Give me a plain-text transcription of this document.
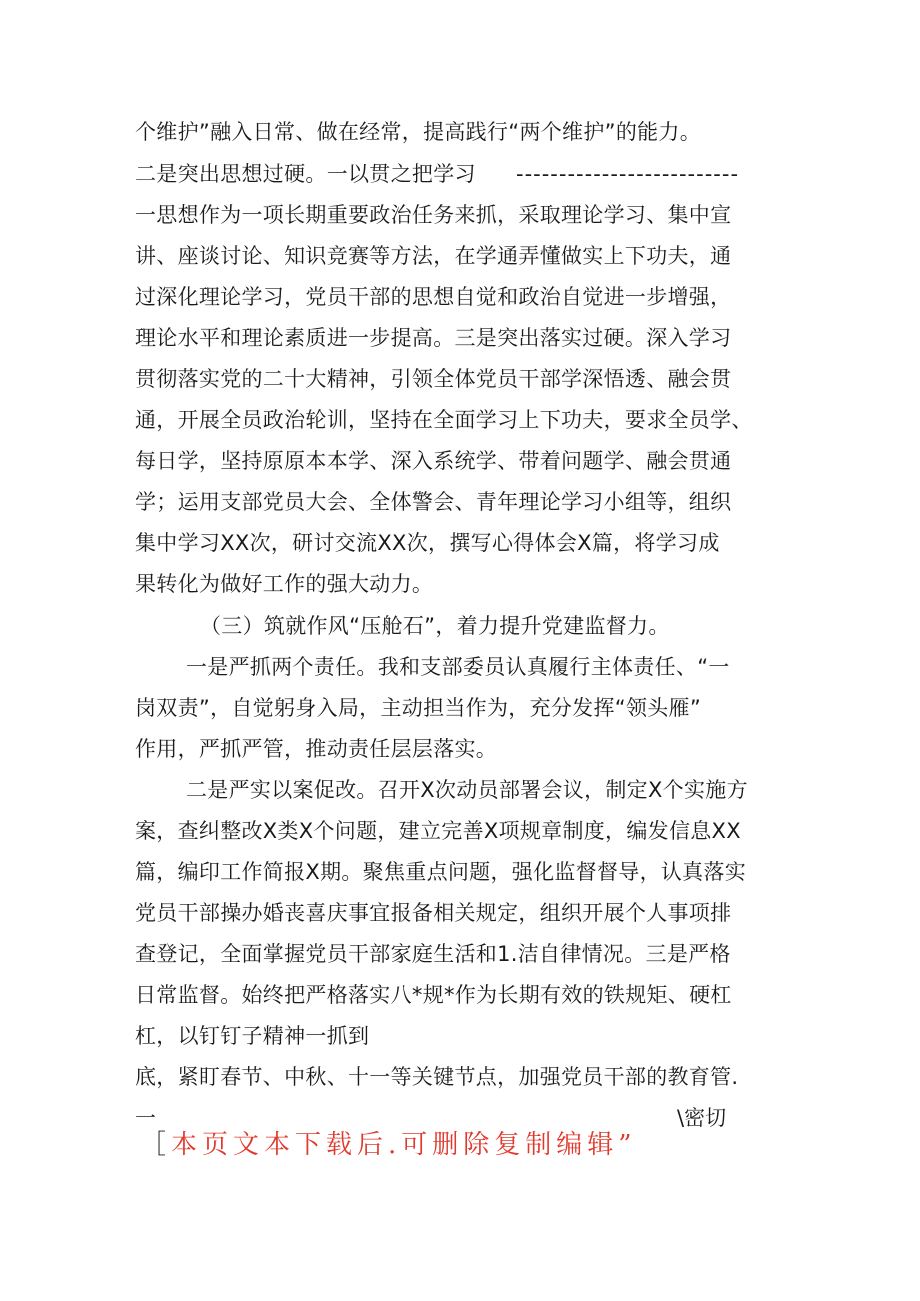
个维护”融入日常、做在经常，提高践行“两个维护”的能力。
二是突出思想过硬。一以贯之把学习	--------------------------
一思想作为一项长期重要政治任务来抓，采取理论学习、集中宣
讲、座谈讨论、知识竞赛等方法，在学通弄懂做实上下功夫，通
过深化理论学习，党员干部的思想自觉和政治自觉进一步增强，
理论水平和理论素质进一步提高。三是突出落实过硬。深入学习
贯彻落实党的二十大精神，引领全体党员干部学深悟透、融会贯
通，开展全员政治轮训，坚持在全面学习上下功夫，要求全员学、
每日学，坚持原原本本学、深入系统学、带着问题学、融会贯通
学；运用支部党员大会、全体警会、青年理论学习小组等，组织
集中学习XX次，研讨交流XX次，撰写心得体会X篇，将学习成
果转化为做好工作的强大动力。
（三）筑就作风“压舱石”，着力提升党建监督力。
一是严抓两个责任。我和支部委员认真履行主体责任、“一
岗双责”，自觉躬身入局，主动担当作为，充分发挥“领头雁”
作用，严抓严管，推动责任层层落实。
二是严实以案促改。召开X次动员部署会议，制定X个实施方
案，查纠整改X类X个问题，建立完善X项规章制度，编发信息XX
篇，编印工作简报X期。聚焦重点问题，强化监督督导，认真落实
党员干部操办婚丧喜庆事宜报备相关规定，组织开展个人事项排
查登记，全面掌握党员干部家庭生活和1.洁自律情况。三是严格
日常监督。始终把严格落实八*规*作为长期有效的铁规矩、硬杠
杠，以钉钉子精神一抓到
底，紧盯春节、中秋、十一等关键节点，加强党员干部的教育管.
一	\密切
［本页文本下载后.可删除复制编辑”
